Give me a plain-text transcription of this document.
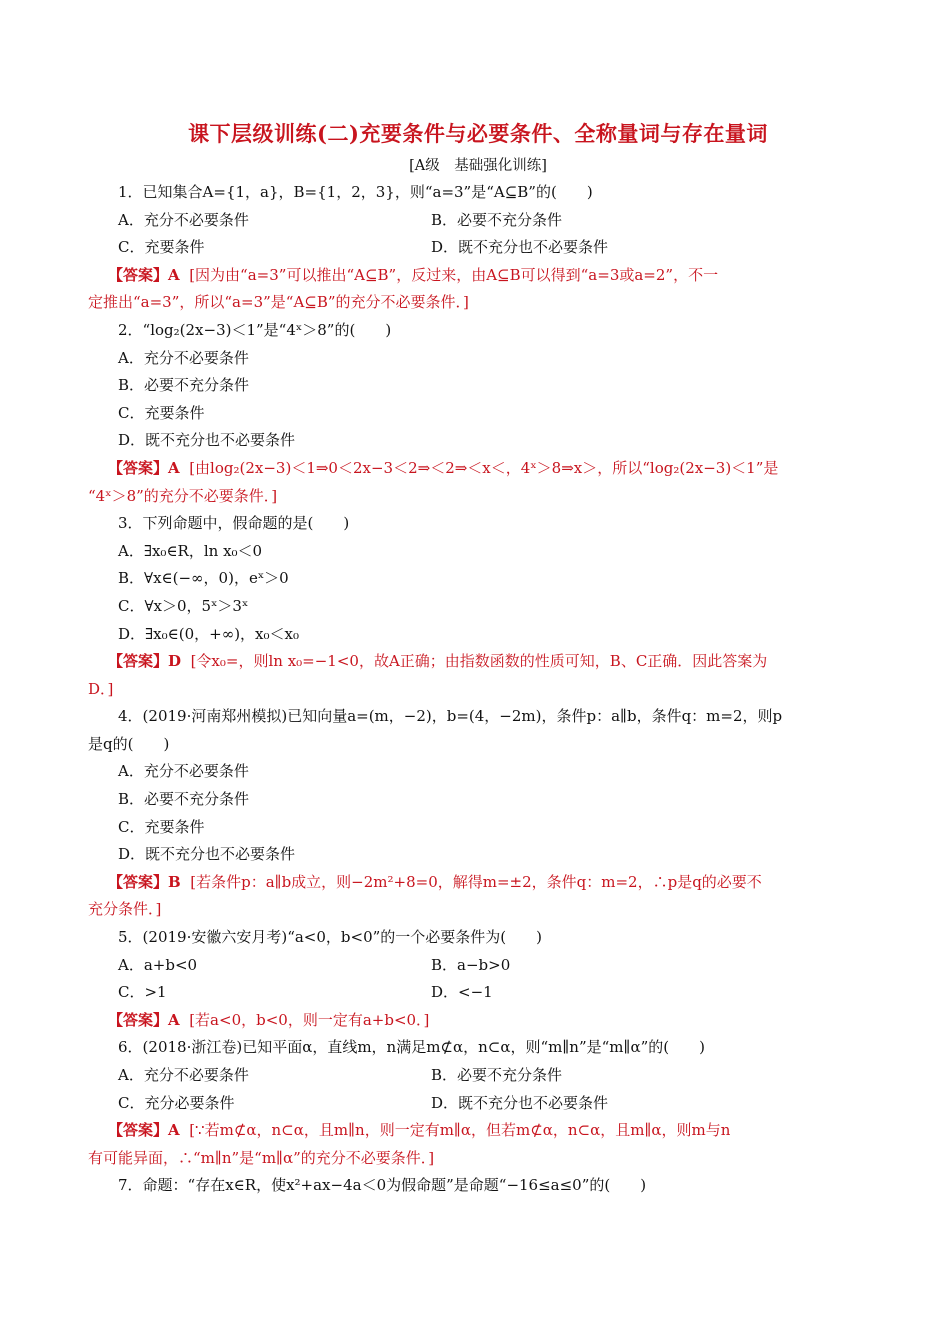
课下层级训练(二)充要条件与必要条件、全称量词与存在量词
[A级　基础强化训练]
1．已知集合A={1，a}，B={1，2，3}，则“a=3”是“A⊆B”的(　　)
A．充分不必要条件	B．必要不充分条件
C．充要条件	D．既不充分也不必要条件
【答案】A [因为由“a=3”可以推出“A⊆B”，反过来，由A⊆B可以得到“a=3或a=2”，不一
定推出“a=3”，所以“a=3”是“A⊆B”的充分不必要条件．]
2．“log₂(2x−3)＜1”是“4ˣ＞8”的(　　)
A．充分不必要条件
B．必要不充分条件
C．充要条件
D．既不充分也不必要条件
【答案】A [由log₂(2x−3)＜1⇒0＜2x−3＜2⇒＜2⇒＜x＜，4ˣ＞8⇒x＞，所以“log₂(2x−3)＜1”是
“4ˣ＞8”的充分不必要条件．]
3．下列命题中，假命题的是(　　)
A．∃x₀∈R，ln x₀＜0
B．∀x∈(−∞，0)，eˣ＞0
C．∀x＞0，5ˣ＞3ˣ
D．∃x₀∈(0，+∞)，x₀＜x₀
【答案】D [令x₀=，则ln x₀=−1<0，故A正确；由指数函数的性质可知，B、C正确．因此答案为
D．]
4．(2019·河南郑州模拟)已知向量a=(m，−2)，b=(4，−2m)，条件p：a∥b，条件q：m=2，则p
是q的(　　)
A．充分不必要条件
B．必要不充分条件
C．充要条件
D．既不充分也不必要条件
【答案】B [若条件p：a∥b成立，则−2m²+8=0，解得m=±2，条件q：m=2，∴p是q的必要不
充分条件．]
5．(2019·安徽六安月考)“a<0，b<0”的一个必要条件为(　　)
A．a+b<0	B．a−b>0
C．>1	D．<−1
【答案】A [若a<0，b<0，则一定有a+b<0．]
6．(2018·浙江卷)已知平面α，直线m，n满足m⊄α，n⊂α，则“m∥n”是“m∥α”的(　　)
A．充分不必要条件	B．必要不充分条件
C．充分必要条件	D．既不充分也不必要条件
【答案】A [∵若m⊄α，n⊂α，且m∥n，则一定有m∥α，但若m⊄α，n⊂α，且m∥α，则m与n
有可能异面，∴“m∥n”是“m∥α”的充分不必要条件．]
7．命题：“存在x∈R，使x²+ax−4a＜0为假命题”是命题“−16≤a≤0”的(　　)
